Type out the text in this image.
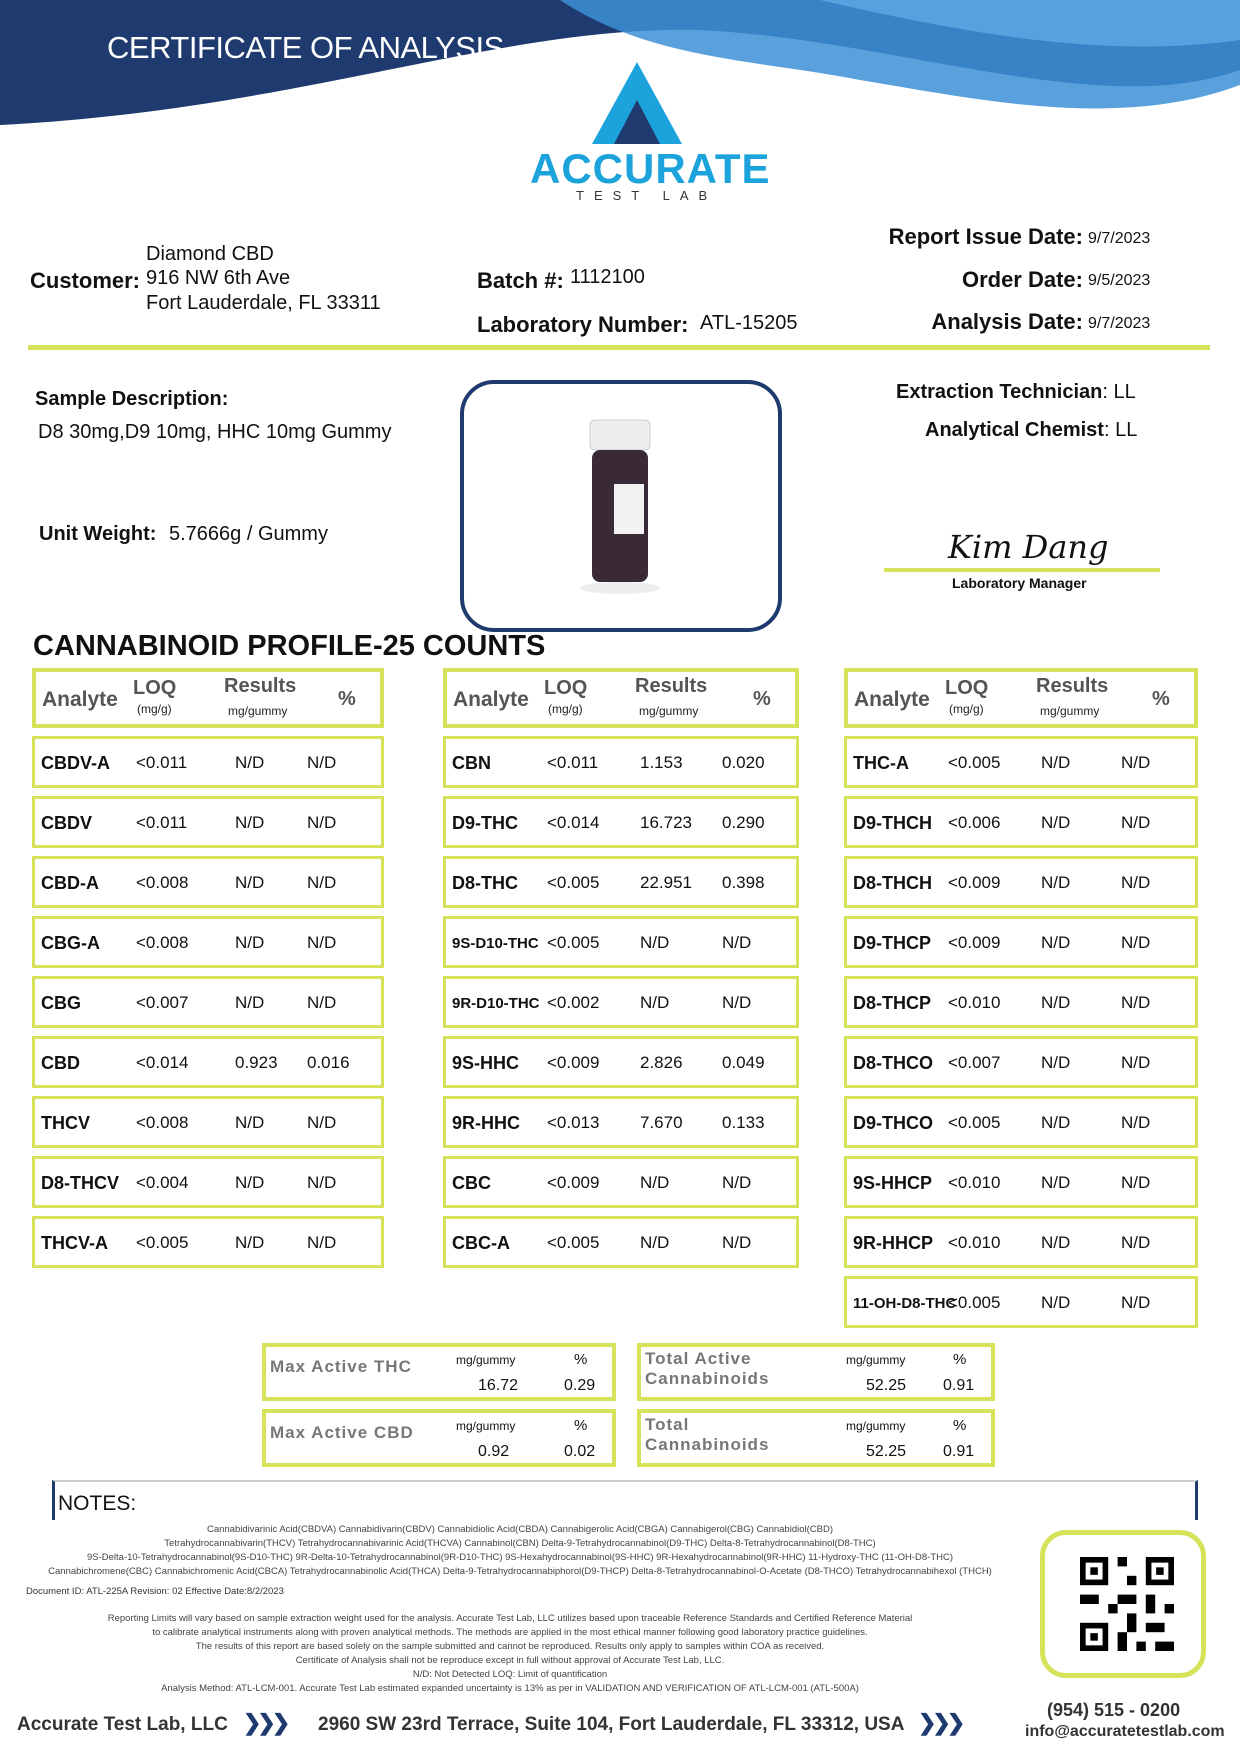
CERTIFICATE OF ANALYSIS
ACCURATE
TEST LAB
Diamond CBD
Customer: 916 NW 6th Ave
Fort Lauderdale, FL 33311
Batch #: 1112100
Laboratory Number: ATL-15205
Report Issue Date: 9/7/2023
Order Date: 9/5/2023
Analysis Date: 9/7/2023
Sample Description:
D8 30mg,D9 10mg, HHC 10mg Gummy
Unit Weight: 5.7666g / Gummy
Extraction Technician: LL
Analytical Chemist: LL
Kim Dang
Laboratory Manager
CANNABINOID PROFILE-25 COUNTS
Analyte LOQ
(mg/g)
Results
mg/gummy
%
CBDV-A <0.011	N/D	N/D
CBDV	<0.011	N/D	N/D
CBD-A <0.008	N/D	N/D
CBG-A <0.008	N/D	N/D
CBG	<0.007	N/D	N/D
CBD	<0.014	0.923 0.016
THCV	<0.008	N/D	N/D
D8-THCV <0.004	N/D	N/D
THCV-A <0.005	N/D	N/D
Analyte LOQ
(mg/g)
Results
mg/gummy
%
CBN	<0.011 1.153 0.020
D9-THC <0.014 16.723 0.290
D8-THC <0.005 22.951 0.398
9S-D10-THC <0.005 N/D	N/D
9R-D10-THC <0.002 N/D	N/D
9S-HHC <0.009 2.826 0.049
9R-HHC <0.013 7.670 0.133
CBC	<0.009 N/D	N/D
CBC-A <0.005 N/D	N/D
Analyte LOQ
(mg/g)
Results
mg/gummy
%
THC-A <0.005 N/D	N/D
D9-THCH <0.006 N/D	N/D
D8-THCH <0.009 N/D	N/D
D9-THCP <0.009 N/D	N/D
D8-THCP <0.010 N/D	N/D
D8-THCO <0.007 N/D	N/D
D9-THCO <0.005 N/D	N/D
9S-HHCP <0.010 N/D	N/D
9R-HHCP <0.010 N/D	N/D
11-OH-D8-THC
<0.005 N/D	N/D
Max Active THC	mg/gummy	%
16.72	0.29
Total Active Cannabinoids
mg/gummy	%
52.25 0.91
Max Active CBD	mg/gummy	%
0.92	0.02
Total Cannabinoids
mg/gummy	%
52.25 0.91
NOTES:
Cannabidivarinic Acid(CBDVA) Cannabidivarin(CBDV) Cannabidiolic Acid(CBDA) Cannabigerolic Acid(CBGA) Cannabigerol(CBG) Cannabidiol(CBD)
Tetrahydrocannabivarin(THCV) Tetrahydrocannabivarinic Acid(THCVA) Cannabinol(CBN) Delta-9-Tetrahydrocannabinol(D9-THC) Delta-8-Tetrahydrocannabinol(D8-THC)
9S-Delta-10-Tetrahydrocannabinol(9S-D10-THC) 9R-Delta-10-Tetrahydrocannabinol(9R-D10-THC) 9S-Hexahydrocannabinol(9S-HHC) 9R-Hexahydrocannabinol(9R-HHC) 11-Hydroxy-THC (11-OH-D8-THC)
Cannabichromene(CBC) Cannabichromenic Acid(CBCA) Tetrahydrocannabinolic Acid(THCA) Delta-9-Tetrahydrocannabiphorol(D9-THCP) Delta-8-Tetrahydrocannabinol-O-Acetate (D8-THCO) Tetrahydrocannabihexol (THCH)
Document ID: ATL-225A Revision: 02 Effective Date:8/2/2023
Reporting Limits will vary based on sample extraction weight used for the analysis. Accurate Test Lab, LLC utilizes based upon traceable Reference Standards and Certified Reference Material
to calibrate analytical instruments along with proven analytical methods. The methods are applied in the most ethical manner following good laboratory practice guidelines.
The results of this report are based solely on the sample submitted and cannot be reproduced. Results only apply to samples within COA as received.
Certificate of Analysis shall not be reproduce except in full without approval of Accurate Test Lab, LLC.
N/D: Not Detected LOQ: Limit of quantification
Analysis Method: ATL-LCM-001. Accurate Test Lab estimated expanded uncertainty is 13% as per in VALIDATION AND VERIFICATION OF ATL-LCM-001 (ATL-500A)
Accurate Test Lab, LLC ❯❯❯ 2960 SW 23rd Terrace, Suite 104, Fort Lauderdale, FL 33312, USA ❯❯❯	(954) 515 - 0200
info@accuratetestlab.com
